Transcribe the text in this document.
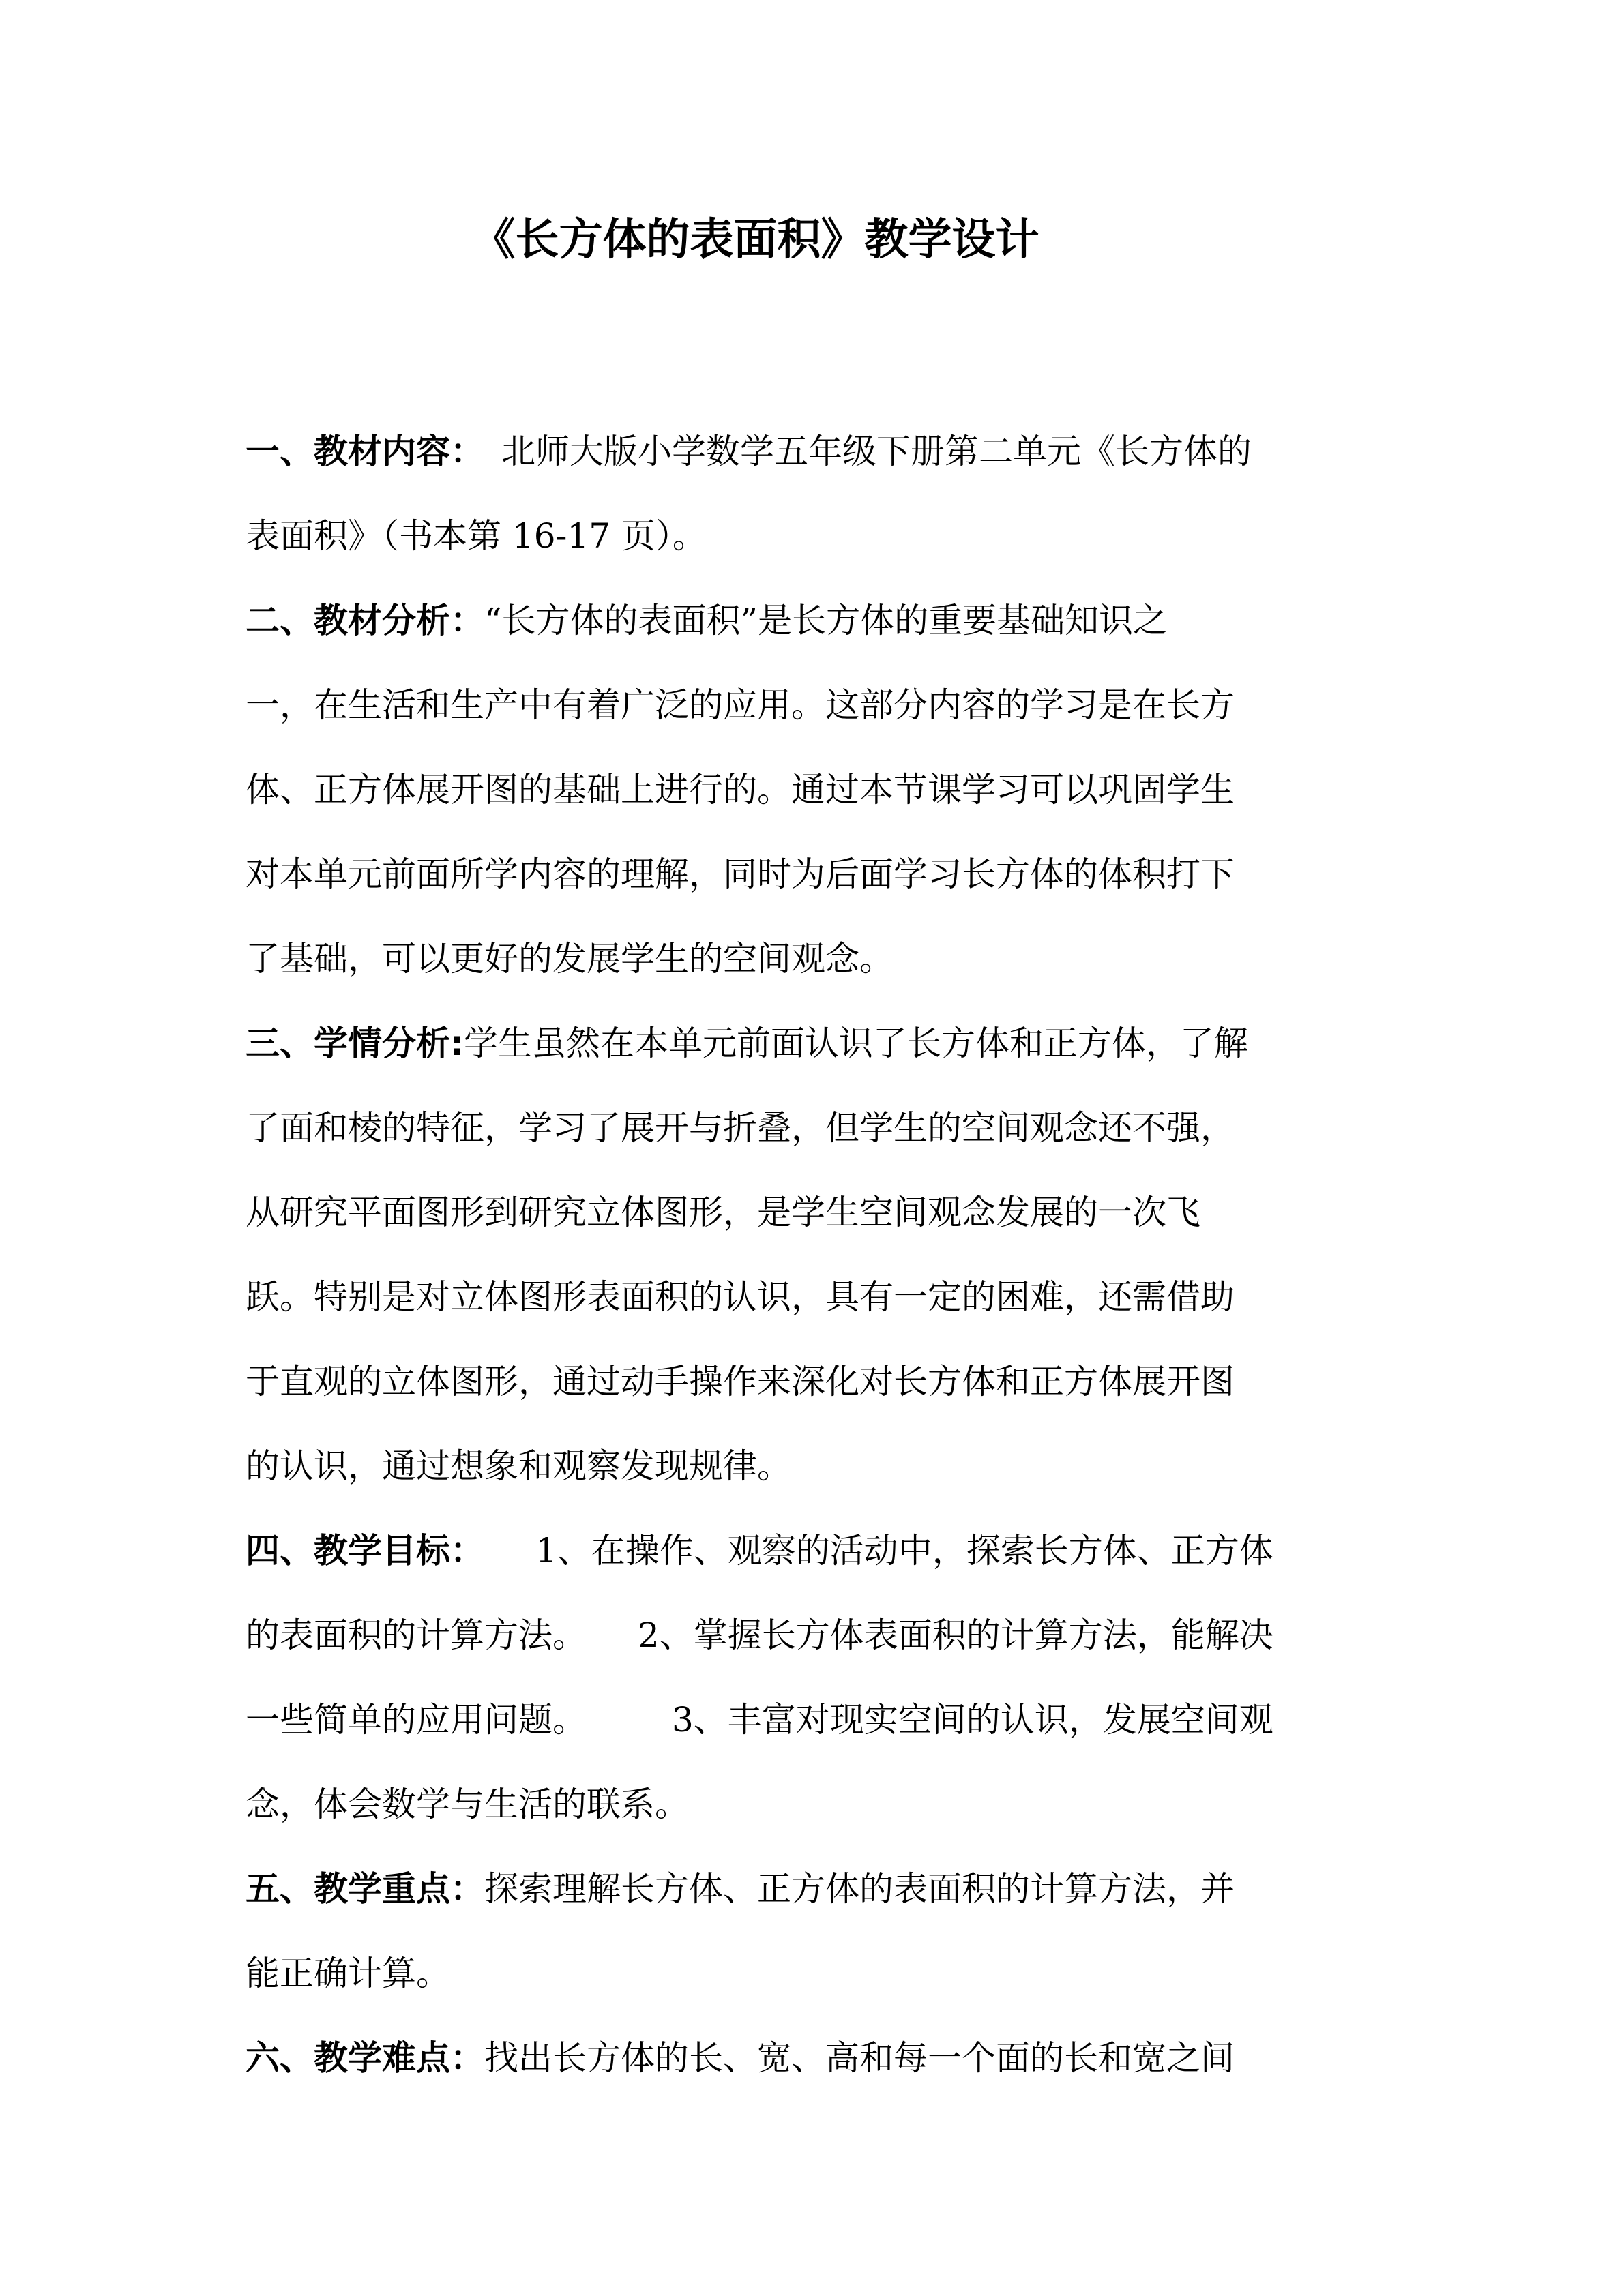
《长方体的表面积》教学设计
一、教材内容：　北师大版小学数学五年级下册第二单元《长方体的
表面积》（书本第 16-17 页）。
二、教材分析：“长方体的表面积”是长方体的重要基础知识之
一，在生活和生产中有着广泛的应用。这部分内容的学习是在长方
体、正方体展开图的基础上进行的。通过本节课学习可以巩固学生
对本单元前面所学内容的理解，同时为后面学习长方体的体积打下
了基础，可以更好的发展学生的空间观念。
三、学情分析:学生虽然在本单元前面认识了长方体和正方体，了解
了面和棱的特征，学习了展开与折叠，但学生的空间观念还不强，
从研究平面图形到研究立体图形，是学生空间观念发展的一次飞
跃。特别是对立体图形表面积的认识，具有一定的困难，还需借助
于直观的立体图形，通过动手操作来深化对长方体和正方体展开图
的认识，通过想象和观察发现规律。
四、教学目标：　　1、在操作、观察的活动中，探索长方体、正方体
的表面积的计算方法。　　2、掌握长方体表面积的计算方法，能解决
一些简单的应用问题。　　　3、丰富对现实空间的认识，发展空间观
念，体会数学与生活的联系。
五、教学重点：探索理解长方体、正方体的表面积的计算方法，并
能正确计算。
六、教学难点：找出长方体的长、宽、高和每一个面的长和宽之间
